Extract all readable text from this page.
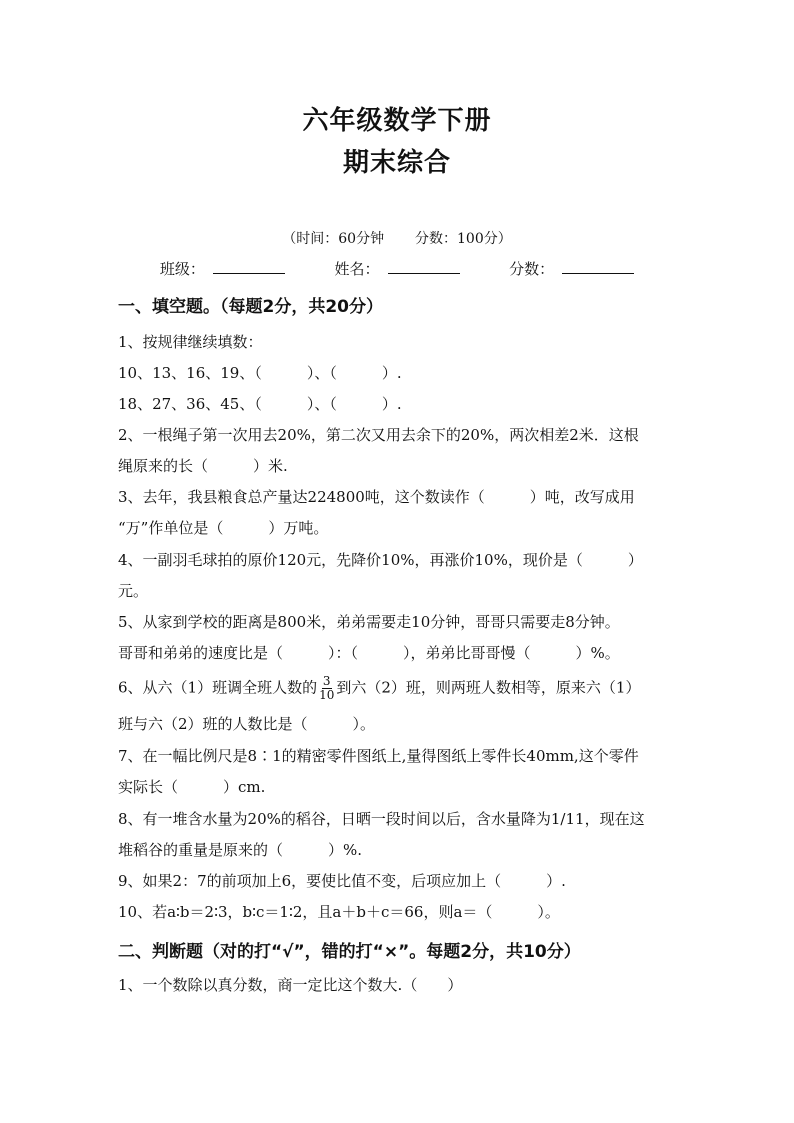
六年级数学下册
期末综合
（时间：60分钟 分数：100分）
班级：	姓名：	分数：
一、填空题。（每题2分，共20分）
1、按规律继续填数：
10、13、16、19、（　　　）、（　　　）.
18、27、36、45、（　　　）、（　　　）.
2、一根绳子第一次用去20%，第二次又用去余下的20%，两次相差2米．这根
绳原来的长（　　　）米.
3、去年，我县粮食总产量达224800吨，这个数读作（　　　）吨，改写成用
“万”作单位是（　　　）万吨。
4、一副羽毛球拍的原价120元，先降价10%，再涨价10%，现价是（　　　）
元。
5、从家到学校的距离是800米，弟弟需要走10分钟，哥哥只需要走8分钟。
哥哥和弟弟的速度比是（　　　）：（　　　），弟弟比哥哥慢（　　　）%。
6、从六（1）班调全班人数的 $\frac{3}{10}$ 到六（2）班，则两班人数相等，原来六（1）
班与六（2）班的人数比是（　　　）。
7、在一幅比例尺是8∶1的精密零件图纸上,量得图纸上零件长40mm,这个零件
实际长（　　　）cm.
8、有一堆含水量为20%的稻谷，日晒一段时间以后，含水量降为1/11，现在这
堆稻谷的重量是原来的（　　　）%.
9、如果2：7的前项加上6，要使比值不变，后项应加上（　　　）.
10、若a∶b＝2∶3，b∶c＝1∶2，且a＋b＋c＝66，则a＝（　　　）。
二、判断题（对的打“√”，错的打“×”。每题2分，共10分）
1、一个数除以真分数，商一定比这个数大.（　　）
